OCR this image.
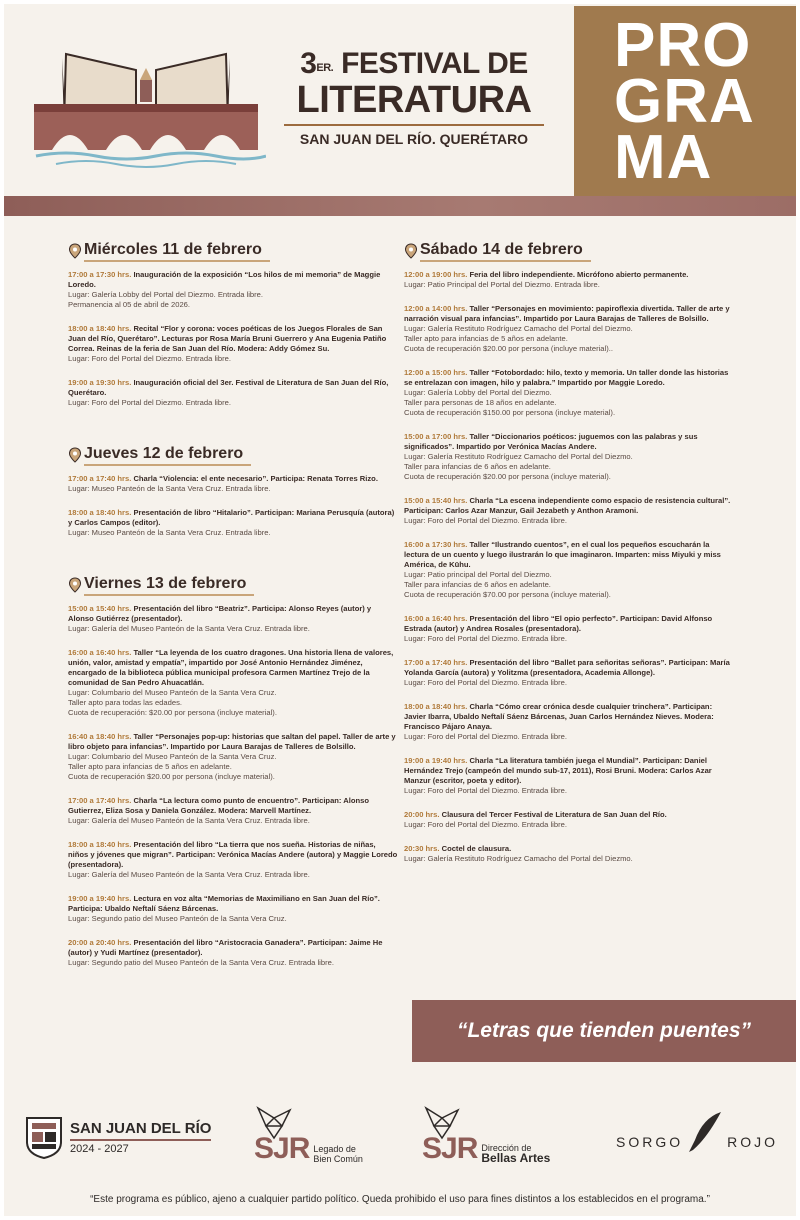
$3^{ER.}$ FESTIVAL DE
LITERATURA
SAN JUAN DEL RÍO. QUERÉTARO
PRO
GRA
MA
Miércoles 11 de febrero
17:00 a 17:30 hrs. Inauguración de la exposición “Los hilos de mi memoria” de Maggie Loredo.
Lugar: Galería Lobby del Portal del Diezmo. Entrada libre.
Permanencia al 05 de abril de 2026.
18:00 a 18:40 hrs. Recital “Flor y corona: voces poéticas de los Juegos Florales de San Juan del Río, Querétaro”. Lecturas por Rosa María Bruni Guerrero y Ana Eugenia Patiño Correa. Reinas de la feria de San Juan del Río. Modera: Addy Gómez Su.
Lugar: Foro del Portal del Diezmo. Entrada libre.
19:00 a 19:30 hrs. Inauguración oficial del 3er. Festival de Literatura de San Juan del Río, Querétaro.
Lugar: Foro del Portal del Diezmo. Entrada libre.
Jueves 12 de febrero
17:00 a 17:40 hrs. Charla “Violencia: el ente necesario”. Participa: Renata Torres Rizo.
Lugar: Museo Panteón de la Santa Vera Cruz. Entrada libre.
18:00 a 18:40 hrs. Presentación de libro “Hitalario”. Participan: Mariana Perusquía (autora) y Carlos Campos (editor).
Lugar: Museo Panteón de la Santa Vera Cruz. Entrada libre.
Viernes 13 de febrero
15:00 a 15:40 hrs. Presentación del libro “Beatriz”. Participa: Alonso Reyes (autor) y Alonso Gutiérrez (presentador).
Lugar: Galería del Museo Panteón de la Santa Vera Cruz. Entrada libre.
16:00 a 16:40 hrs. Taller “La leyenda de los cuatro dragones. Una historia llena de valores, unión, valor, amistad y empatía”, impartido por José Antonio Hernández Jiménez, encargado de la biblioteca pública municipal profesora Carmen Martínez Trejo de la comunidad de San Pedro Ahuacatlán.
Lugar: Columbario del Museo Panteón de la Santa Vera Cruz.
Taller apto para todas las edades.
Cuota de recuperación: $20.00 por persona (incluye material).
16:40 a 18:40 hrs. Taller “Personajes pop-up: historias que saltan del papel. Taller de arte y libro objeto para infancias”. Impartido por Laura Barajas de Talleres de Bolsillo.
Lugar: Columbario del Museo Panteón de la Santa Vera Cruz.
Taller apto para infancias de 5 años en adelante.
Cuota de recuperación $20.00 por persona (incluye material).
17:00 a 17:40 hrs. Charla “La lectura como punto de encuentro”. Participan: Alonso Gutierrez, Eliza Sosa y Daniela González. Modera: Marvell Martínez.
Lugar: Galería del Museo Panteón de la Santa Vera Cruz. Entrada libre.
18:00 a 18:40 hrs. Presentación del libro “La tierra que nos sueña. Historias de niñas, niños y jóvenes que migran”. Participan: Verónica Macías Andere (autora) y Maggie Loredo (presentadora).
Lugar: Galería del Museo Panteón de la Santa Vera Cruz. Entrada libre.
19:00 a 19:40 hrs. Lectura en voz alta “Memorias de Maximiliano en San Juan del Río”. Participa: Ubaldo Neftalí Sáenz Bárcenas.
Lugar: Segundo patio del Museo Panteón de la Santa Vera Cruz.
20:00 a 20:40 hrs. Presentación del libro “Aristocracia Ganadera”. Participan: Jaime He (autor) y Yudi Martínez (presentador).
Lugar: Segundo patio del Museo Panteón de la Santa Vera Cruz. Entrada libre.
Sábado 14 de febrero
12:00 a 19:00 hrs. Feria del libro independiente. Micrófono abierto permanente.
Lugar: Patio Principal del Portal del Diezmo. Entrada libre.
12:00 a 14:00 hrs. Taller “Personajes en movimiento: papiroflexia divertida. Taller de arte y narración visual para infancias”. Impartido por Laura Barajas de Talleres de Bolsillo.
Lugar: Galería Restituto Rodríguez Camacho del Portal del Diezmo.
Taller apto para infancias de 5 años en adelante.
Cuota de recuperación $20.00 por persona (incluye material)..
12:00 a 15:00 hrs. Taller “Fotobordado: hilo, texto y memoria. Un taller donde las historias se entrelazan con imagen, hilo y palabra.” Impartido por Maggie Loredo.
Lugar: Galería Lobby del Portal del Diezmo.
Taller para personas de 18 años en adelante.
Cuota de recuperación $150.00 por persona (incluye material).
15:00 a 17:00 hrs. Taller “Diccionarios poéticos: juguemos con las palabras y sus significados”. Impartido por Verónica Macías Andere.
Lugar: Galería Restituto Rodríguez Camacho del Portal del Diezmo.
Taller para infancias de 6 años en adelante.
Cuota de recuperación $20.00 por persona (incluye material).
15:00 a 15:40 hrs. Charla “La escena independiente como espacio de resistencia cultural”. Participan: Carlos Azar Manzur, Gail Jezabeth y Anthon Aramoni.
Lugar: Foro del Portal del Diezmo. Entrada libre.
16:00 a 17:30 hrs. Taller “Ilustrando cuentos”, en el cual los pequeños escucharán la lectura de un cuento y luego ilustrarán lo que imaginaron. Imparten: miss Miyuki y miss América, de Kūhu.
Lugar: Patio principal del Portal del Diezmo.
Taller para infancias de 6 años en adelante.
Cuota de recuperación $70.00 por persona (incluye material).
16:00 a 16:40 hrs. Presentación del libro “El opio perfecto”. Participan: David Alfonso Estrada (autor) y Andrea Rosales (presentadora).
Lugar: Foro del Portal del Diezmo. Entrada libre.
17:00 a 17:40 hrs. Presentación del libro “Ballet para señoritas señoras”. Participan: María Yolanda García (autora) y Yolitzma (presentadora, Academia Allonge).
Lugar: Foro del Portal del Diezmo. Entrada libre.
18:00 a 18:40 hrs. Charla “Cómo crear crónica desde cualquier trinchera”. Participan: Javier Ibarra, Ubaldo Neftalí Sáenz Bárcenas, Juan Carlos Hernández Nieves. Modera: Francisco Pájaro Anaya.
Lugar: Foro del Portal del Diezmo. Entrada libre.
19:00 a 19:40 hrs. Charla “La literatura también juega el Mundial”. Participan: Daniel Hernández Trejo (campeón del mundo sub-17, 2011), Rosi Bruni. Modera: Carlos Azar Manzur (escritor, poeta y editor).
Lugar: Foro del Portal del Diezmo. Entrada libre.
20:00 hrs. Clausura del Tercer Festival de Literatura de San Juan del Río.
Lugar: Foro del Portal del Diezmo. Entrada libre.
20:30 hrs. Coctel de clausura.
Lugar: Galería Restituto Rodríguez Camacho del Portal del Diezmo.
“Letras que tienden puentes”
SAN JUAN DEL RÍO
2024 - 2027	SJR Legado de
Bien Común SJR Dirección de
Bellas Artes
SORGO	ROJO
“Este programa es público, ajeno a cualquier partido político. Queda prohibido el uso para fines distintos a los establecidos en el programa.”
